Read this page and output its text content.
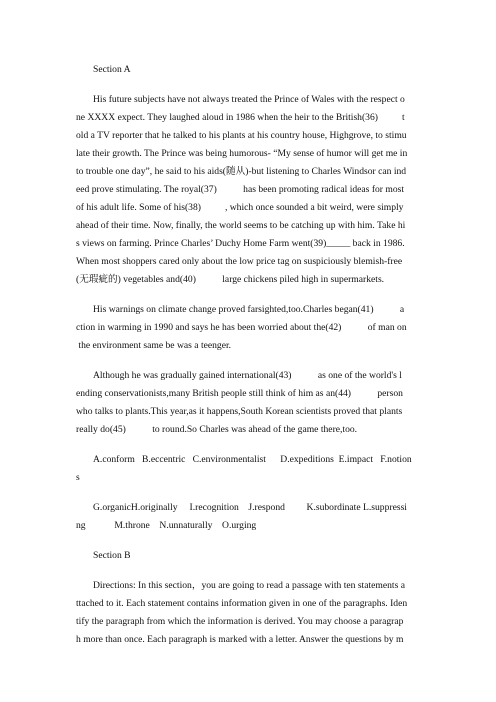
Section A

His future subjects have not always treated the Prince of Wales with the respect o

ne XXXX expect. They laughed aloud in 1986 when the heir to the British(36)          t

old a TV reporter that he talked to his plants at his country house, Highgrove, to stimu

late their growth. The Prince was being humorous- “My sense of humor will get me in

to trouble one day”, he said to his aids(随从)-but listening to Charles Windsor can ind

eed prove stimulating. The royal(37)           has been promoting radical ideas for most

of his adult life. Some of his(38)          , which once sounded a bit weird, were simply

ahead of their time. Now, finally, the world seems to be catching up with him. Take hi

s views on farming. Prince Charles’ Duchy Home Farm went(39)_____ back in 1986.

When most shoppers cared only about the low price tag on suspiciously blemish-free

(无瑕疵的) vegetables and(40)           large chickens piled high in supermarkets.

His warnings on climate change proved farsighted,too.Charles began(41)           a

ction in warming in 1990 and says he has been worried about the(42)           of man on

the environment same be was a teenger.

Although he was gradually gained international(43)           as one of the world's l

ending conservationists,many British people still think of him as an(44)           person

who talks to plants.This year,as it happens,South Korean scientists proved that plants

really do(45)           to round.So Charles was ahead of the game there,too.

A.conform   B.eccentric   C.environmentalist      D.expeditions  E.impact   F.notion

s

G.organicH.originally     I.recognition    J.respond         K.subordinate L.suppressi

ng            M.throne    N.unnaturally    O.urging

Section B

Directions: In this section，you are going to read a passage with ten statements a

ttached to it. Each statement contains information given in one of the paragraphs. Iden

tify the paragraph from which the information is derived. You may choose a paragrap

h more than once. Each paragraph is marked with a letter. Answer the questions by m
